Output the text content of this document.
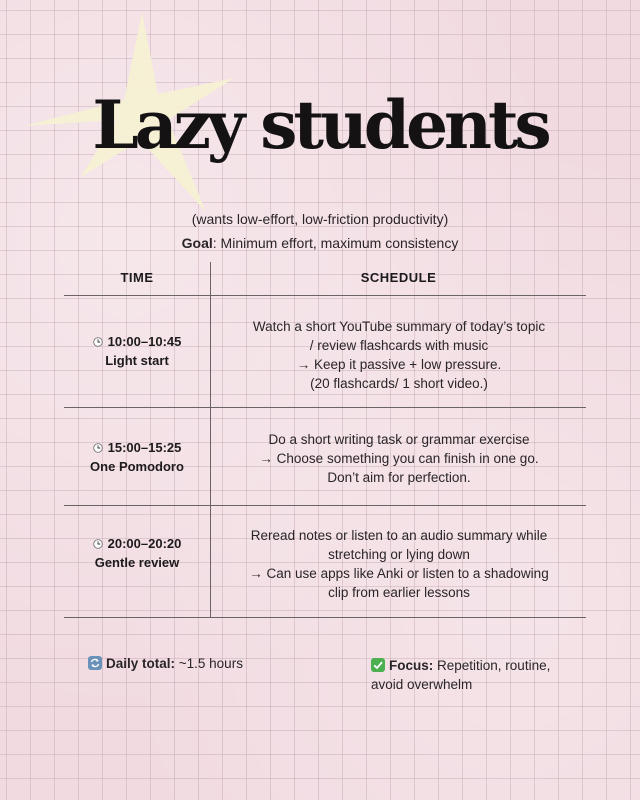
Lazy students
(wants low-effort, low-friction productivity)
Goal: Minimum effort, maximum consistency
TIME	SCHEDULE
10:00–10:45
Light start
Watch a short YouTube summary of today’s topic
/ review flashcards with music
→ Keep it passive + low pressure.
(20 flashcards/ 1 short video.)
15:00–15:25
One Pomodoro
Do a short writing task or grammar exercise
→ Choose something you can finish in one go.
Don’t aim for perfection.
20:00–20:20
Gentle review
Reread notes or listen to an audio summary while
stretching or lying down
→ Can use apps like Anki or listen to a shadowing
clip from earlier lessons
Daily total: ~1.5 hours	Focus: Repetition, routine,
avoid overwhelm
